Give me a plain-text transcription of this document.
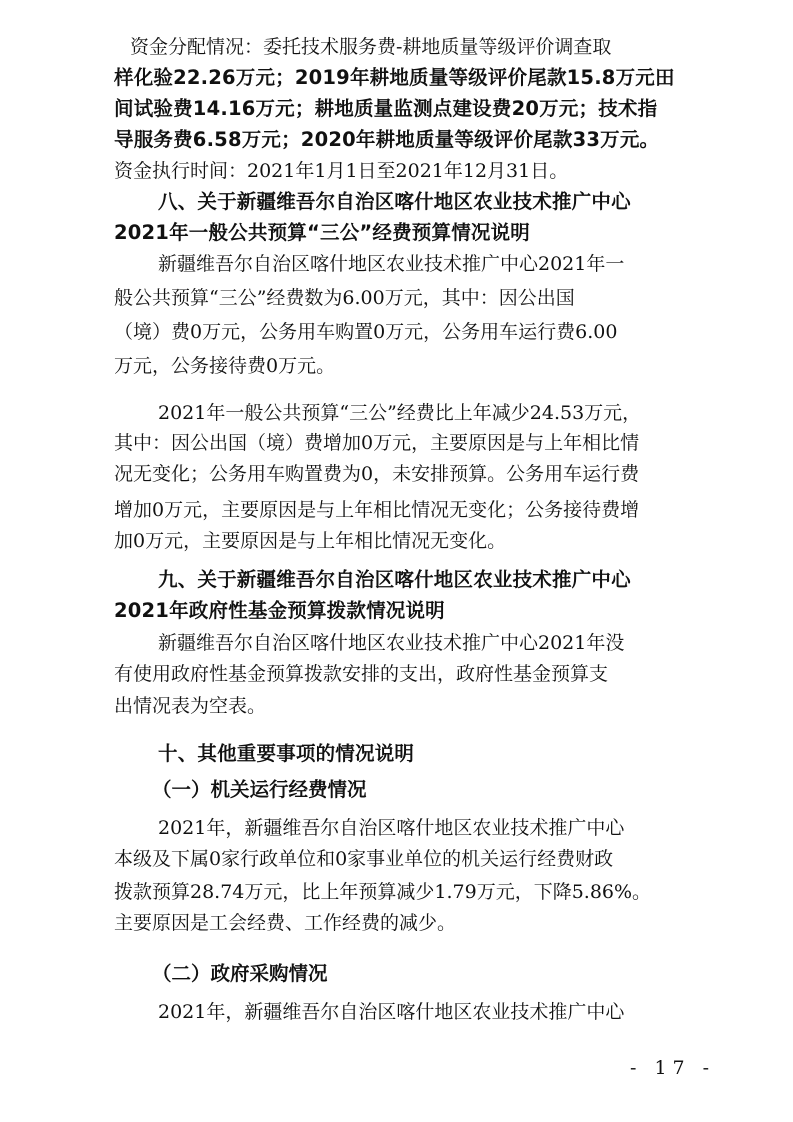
资金分配情况：委托技术服务费-耕地质量等级评价调查取
样化验22.26万元；2019年耕地质量等级评价尾款15.8万元田
间试验费14.16万元；耕地质量监测点建设费20万元；技术指
导服务费6.58万元；2020年耕地质量等级评价尾款33万元。
资金执行时间：2021年1月1日至2021年12月31日。
八、关于新疆维吾尔自治区喀什地区农业技术推广中心
2021年一般公共预算“三公”经费预算情况说明
新疆维吾尔自治区喀什地区农业技术推广中心2021年一
般公共预算“三公”经费数为6.00万元，其中：因公出国
（境）费0万元，公务用车购置0万元，公务用车运行费6.00
万元，公务接待费0万元。
2021年一般公共预算“三公”经费比上年减少24.53万元，
其中：因公出国（境）费增加0万元，主要原因是与上年相比情
况无变化；公务用车购置费为0，未安排预算。公务用车运行费
增加0万元，主要原因是与上年相比情况无变化；公务接待费增
加0万元，主要原因是与上年相比情况无变化。
九、关于新疆维吾尔自治区喀什地区农业技术推广中心
2021年政府性基金预算拨款情况说明
新疆维吾尔自治区喀什地区农业技术推广中心2021年没
有使用政府性基金预算拨款安排的支出，政府性基金预算支
出情况表为空表。
十、其他重要事项的情况说明
（一）机关运行经费情况
2021年，新疆维吾尔自治区喀什地区农业技术推广中心
本级及下属0家行政单位和0家事业单位的机关运行经费财政
拨款预算28.74万元，比上年预算减少1.79万元，下降5.86%。
主要原因是工会经费、工作经费的减少。
（二）政府采购情况
2021年，新疆维吾尔自治区喀什地区农业技术推广中心
- 17 -
